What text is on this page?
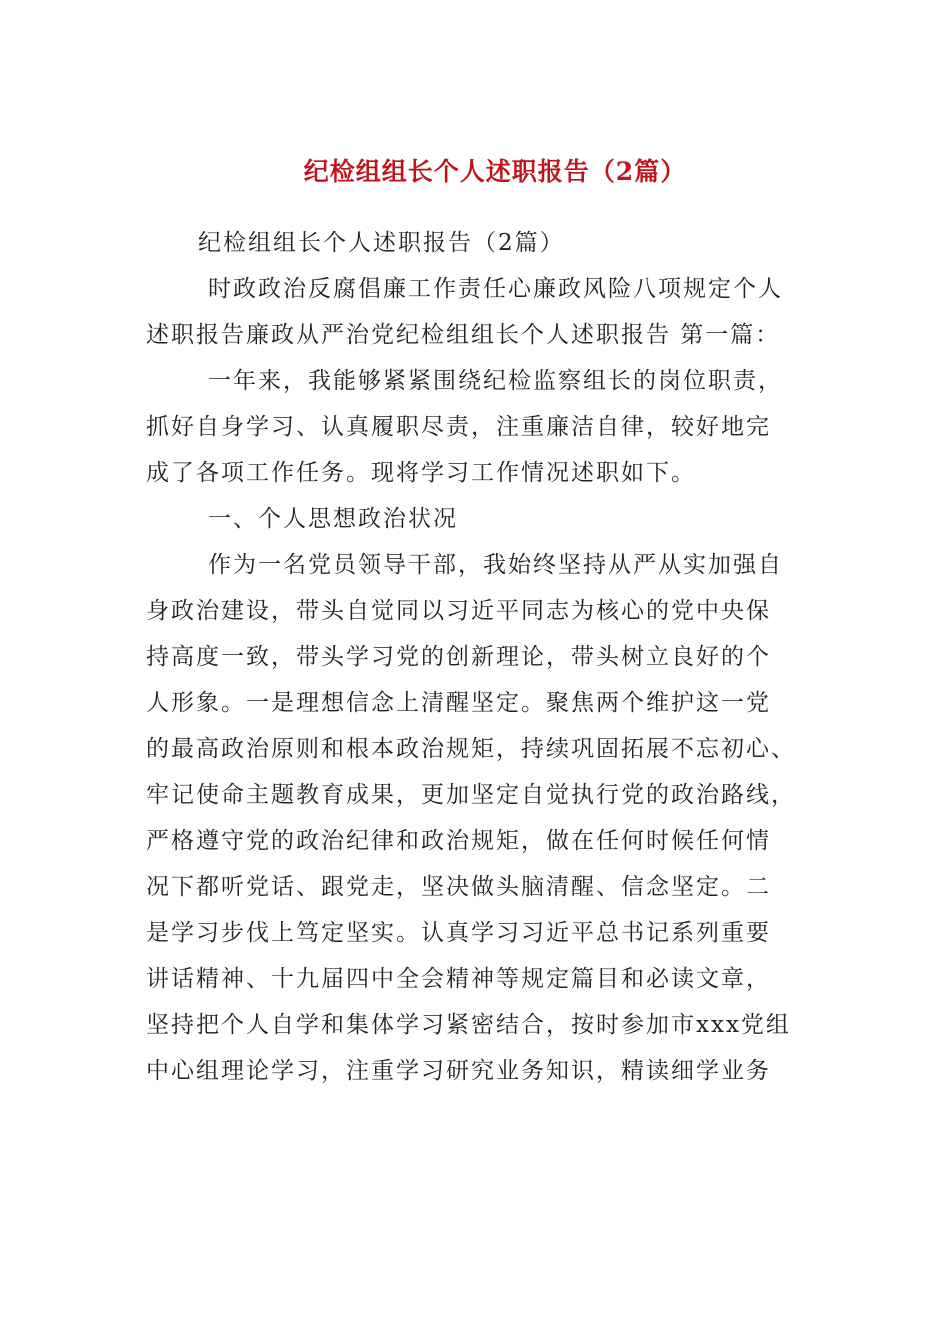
纪检组组长个人述职报告（2篇）
纪检组组长个人述职报告（2篇）
时政政治反腐倡廉工作责任心廉政风险八项规定个人
述职报告廉政从严治党纪检组组长个人述职报告 第一篇：
一年来，我能够紧紧围绕纪检监察组长的岗位职责，
抓好自身学习、认真履职尽责，注重廉洁自律，较好地完
成了各项工作任务。现将学习工作情况述职如下。
一、个人思想政治状况
作为一名党员领导干部，我始终坚持从严从实加强自
身政治建设，带头自觉同以习近平同志为核心的党中央保
持高度一致，带头学习党的创新理论，带头树立良好的个
人形象。一是理想信念上清醒坚定。聚焦两个维护这一党
的最高政治原则和根本政治规矩，持续巩固拓展不忘初心、
牢记使命主题教育成果，更加坚定自觉执行党的政治路线，
严格遵守党的政治纪律和政治规矩，做在任何时候任何情
况下都听党话、跟党走，坚决做头脑清醒、信念坚定。二
是学习步伐上笃定坚实。认真学习习近平总书记系列重要
讲话精神、十九届四中全会精神等规定篇目和必读文章，
坚持把个人自学和集体学习紧密结合，按时参加市xxx党组
中心组理论学习，注重学习研究业务知识，精读细学业务
